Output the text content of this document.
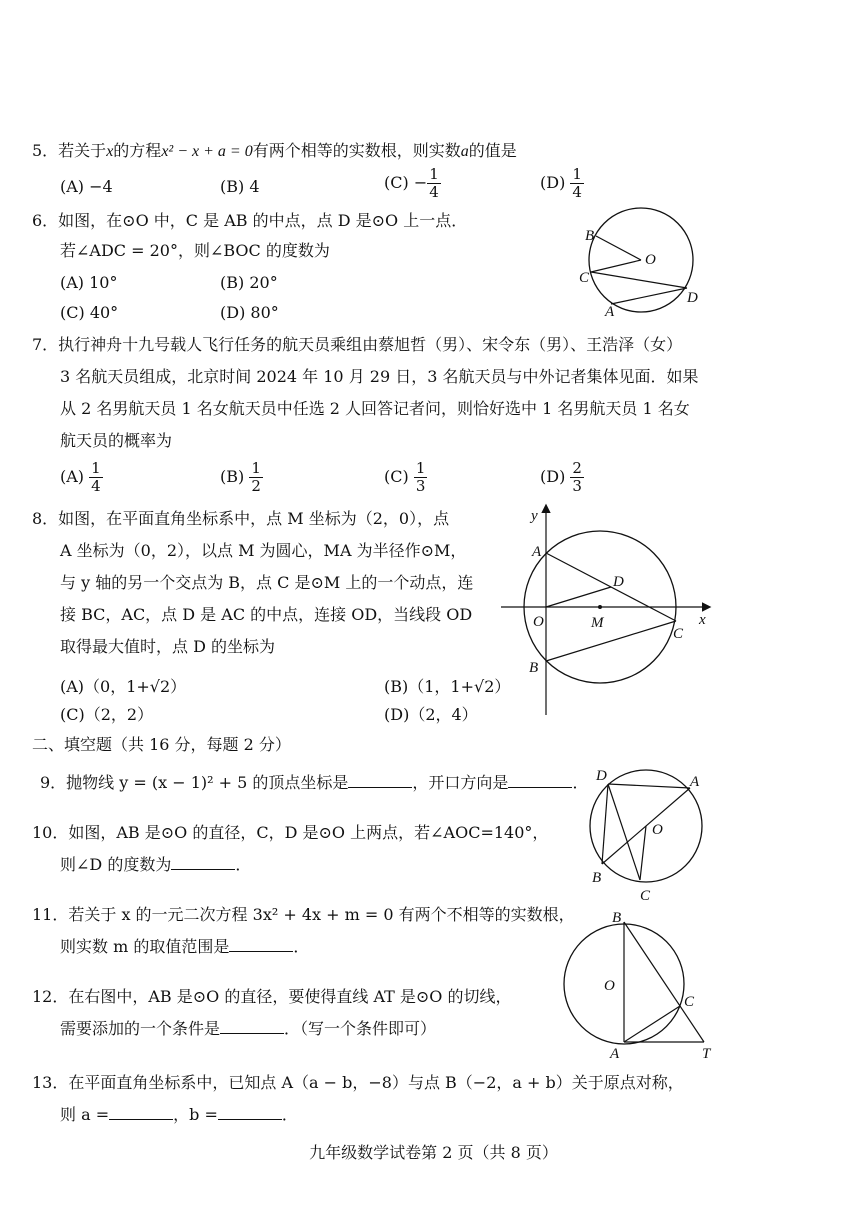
5．若关于x的方程x² − x + a = 0有两个相等的实数根，则实数a的值是
(A) −4	(B) 4	$(C) - \frac{1}{4}$	$(D) \frac{1}{4}$
6．如图，在⊙O 中，C 是 AB 的中点，点 D 是⊙O 上一点．
若∠ADC = 20°，则∠BOC 的度数为
(A) 10°	(B) 20°
(C) 40°	(D) 80°
B
O
C
A
D
7．执行神舟十九号载人飞行任务的航天员乘组由蔡旭哲（男）、宋令东（男）、王浩泽（女）
3 名航天员组成，北京时间 2024 年 10 月 29 日，3 名航天员与中外记者集体见面．如果
从 2 名男航天员 1 名女航天员中任选 2 人回答记者问，则恰好选中 1 名男航天员 1 名女
航天员的概率为
$(A) \frac{1}{4}$	$(B) \frac{1}{2}$	$(C) \frac{1}{3}$	$(D) \frac{2}{3}$
8．如图，在平面直角坐标系中，点 M 坐标为（2，0），点
A 坐标为（0，2），以点 M 为圆心，MA 为半径作⊙M，
与 y 轴的另一个交点为 B，点 C 是⊙M 上的一个动点，连
接 BC，AC，点 D 是 AC 的中点，连接 OD，当线段 OD
取得最大值时，点 D 的坐标为
(A)（0，1+√2）	(B)（1，1+√2）
(C)（2，2）	(D)（2，4）
y
A
D
O	M
C
x
B
二、填空题（共 16 分，每题 2 分）
9．抛物线 y = (x − 1)² + 5 的顶点坐标是	，开口方向是	． D	A
O
B
C
10．如图，AB 是⊙O 的直径，C，D 是⊙O 上两点，若∠AOC=140°，
则∠D 的度数为	．
11．若关于 x 的一元二次方程 3x² + 4x + m = 0 有两个不相等的实数根，
则实数 m 的取值范围是	．
B
O
C
A	T
12．在右图中，AB 是⊙O 的直径，要使得直线 AT 是⊙O 的切线，
需要添加的一个条件是	．（写一个条件即可）
13．在平面直角坐标系中，已知点 A（a − b，−8）与点 B（−2，a + b）关于原点对称，
则 a =	，b =	．
九年级数学试卷第 2 页（共 8 页）
